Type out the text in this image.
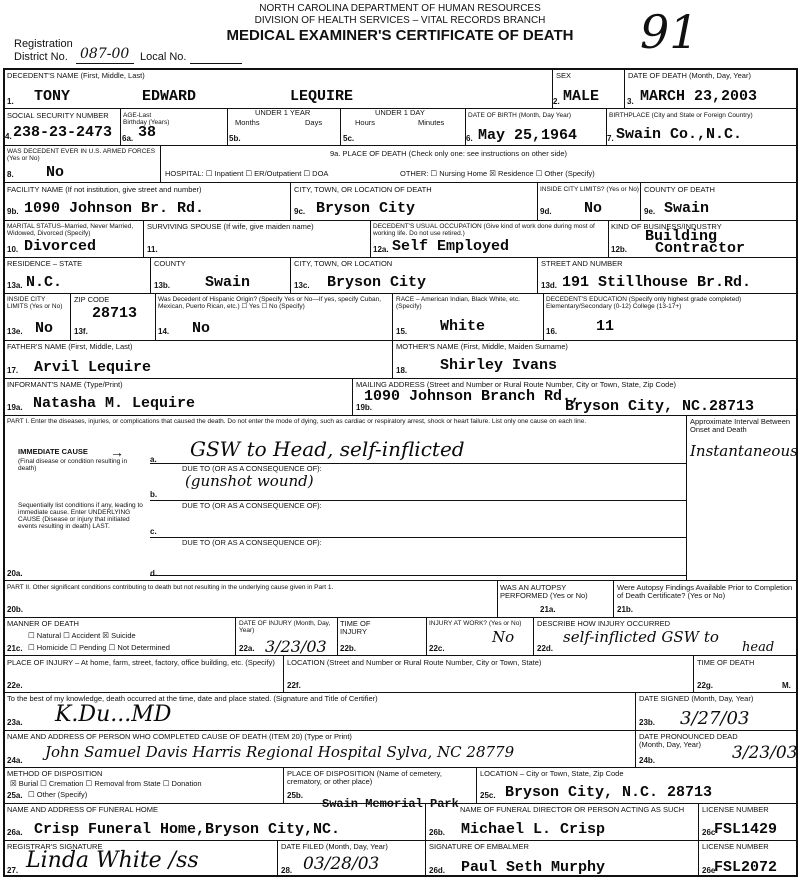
NORTH CAROLINA DEPARTMENT OF HUMAN RESOURCES
DIVISION OF HEALTH SERVICES – VITAL RECORDS BRANCH
MEDICAL EXAMINER'S CERTIFICATE OF DEATH
Registration
District No. 087-00 Local No.	91
DECEDENT'S NAME (First, Middle, Last)
1. TONY	EDWARD	LEQUIRE
SEX
2. MALE
DATE OF DEATH (Month, Day, Year)
3. MARCH 23,2003
SOCIAL SECURITY NUMBER
4. 238-23-2473
AGE-Last Birthday (Years)
6a. 38
UNDER 1 YEAR
Months	Days
5b.
UNDER 1 DAY
Hours	Minutes
5c.
DATE OF BIRTH (Month, Day Year)
6. May 25,1964
BIRTHPLACE (City and State or Foreign Country)
7. Swain Co.,N.C.
WAS DECEDENT EVER IN U.S. ARMED FORCES (Yes or No)
8. No
9a. PLACE OF DEATH (Check only one: see instructions on other side)
HOSPITAL: ☐ Inpatient ☐ ER/Outpatient ☐ DOA	OTHER: ☐ Nursing Home ☒ Residence ☐ Other (Specify)
FACILITY NAME (If not institution, give street and number)
9b. 1090 Johnson Br. Rd.
CITY, TOWN, OR LOCATION OF DEATH
9c. Bryson City
INSIDE CITY LIMITS? (Yes or No)
9d. No
COUNTY OF DEATH
9e. Swain
MARITAL STATUS–Married, Never Married, Widowed, Divorced (Specify)
10. Divorced
SURVIVING SPOUSE (If wife, give maiden name)
11.
DECEDENT'S USUAL OCCUPATION (Give kind of work done during most of working life. Do not use retired.)
12a. Self Employed
KIND OF BUSINESS/INDUSTRY
12b.
Building
Contractor
RESIDENCE – STATE
13a. N.C.
COUNTY
13b. Swain
CITY, TOWN, OR LOCATION
13c. Bryson City
STREET AND NUMBER
13d. 191 Stillhouse Br.Rd.
INSIDE CITY LIMITS (Yes or No)
13e. No
ZIP CODE
13f.
28713
Was Decedent of Hispanic Origin? (Specify Yes or No—If yes, specify Cuban, Mexican, Puerto Rican, etc.) ☐ Yes ☐ No (Specify)
14. No
RACE – American Indian, Black White, etc. (Specify)
15. White
DECEDENT'S EDUCATION (Specify only highest grade completed) Elementary/Secondary (0-12) College (13-17+)
16.	11
FATHER'S NAME (First, Middle, Last)
17. Arvil Lequire
MOTHER'S NAME (First, Middle, Maiden Surname)
18. Shirley Ivans
INFORMANT'S NAME (Type/Print)
19a. Natasha M. Lequire
MAILING ADDRESS (Street and Number or Rural Route Number, City or Town, State, Zip Code)
19b.
1090 Johnson Branch Rd.,
Bryson City, NC.28713
PART I. Enter the diseases, injuries, or complications that caused the death. Do not enter the mode of dying, such as cardiac or respiratory arrest, shock or heart failure. List only one cause on each line.	Approximate Interval Between Onset and Death
IMMEDIATE CAUSE →
(Final disease or condition resulting in death)
a. GSW to Head, self-inflicted	Instantaneous
DUE TO (OR AS A CONSEQUENCE OF):
(gunshot wound)
Sequentially list conditions if any, leading to immediate cause. Enter UNDERLYING CAUSE (Disease or injury that initiated events resulting in death) LAST.
b.
DUE TO (OR AS A CONSEQUENCE OF):
c.
DUE TO (OR AS A CONSEQUENCE OF):
20a.	d.
PART II. Other significant conditions contributing to death but not resulting in the underlying cause given in Part 1.
20b.
WAS AN AUTOPSY PERFORMED (Yes or No)
21a.
Were Autopsy Findings Available Prior to Completion of Death Certificate? (Yes or No)
21b.
MANNER OF DEATH
☐ Natural ☐ Accident ☒ Suicide
21c. ☐ Homicide ☐ Pending ☐ Not Determined
DATE OF INJURY (Month, Day, Year)
22a. 3/23/03
TIME OF INJURY
22b.
INJURY AT WORK? (Yes or No)
22c.
No
DESCRIBE HOW INJURY OCCURRED
22d.
self-inflicted GSW to
head
PLACE OF INJURY – At home, farm, street, factory, office building, etc. (Specify)
22e.
LOCATION (Street and Number or Rural Route Number, City or Town, State)
22f.
TIME OF DEATH
22g.	M.
To the best of my knowledge, death occurred at the time, date and place stated. (Signature and Title of Certifier)
23a. K.Du...MD
DATE SIGNED (Month, Day, Year)
23b. 3/27/03
NAME AND ADDRESS OF PERSON WHO COMPLETED CAUSE OF DEATH (ITEM 20) (Type or Print)
24a. John Samuel Davis Harris Regional Hospital Sylva, NC 28779
DATE PRONOUNCED DEAD (Month, Day, Year)
24b.	3/23/03
METHOD OF DISPOSITION
☒ Burial ☐ Cremation ☐ Removal from State ☐ Donation
25a. ☐ Other (Specify)
PLACE OF DISPOSITION (Name of cemetery, crematory, or other place)
25b.
Swain Memorial Park
LOCATION – City or Town, State, Zip Code
25c. Bryson City, N.C. 28713
NAME AND ADDRESS OF FUNERAL HOME
26a. Crisp Funeral Home,Bryson City,NC.
NAME OF FUNERAL DIRECTOR OR PERSON ACTING AS SUCH
26b. Michael L. Crisp
LICENSE NUMBER
26c
FSL1429
REGISTRAR'S SIGNATURE
27. Linda White /ss
DATE FILED (Month, Day, Year)
28. 03/28/03
SIGNATURE OF EMBALMER
26d. Paul Seth Murphy
LICENSE NUMBER
26e
FSL2072
